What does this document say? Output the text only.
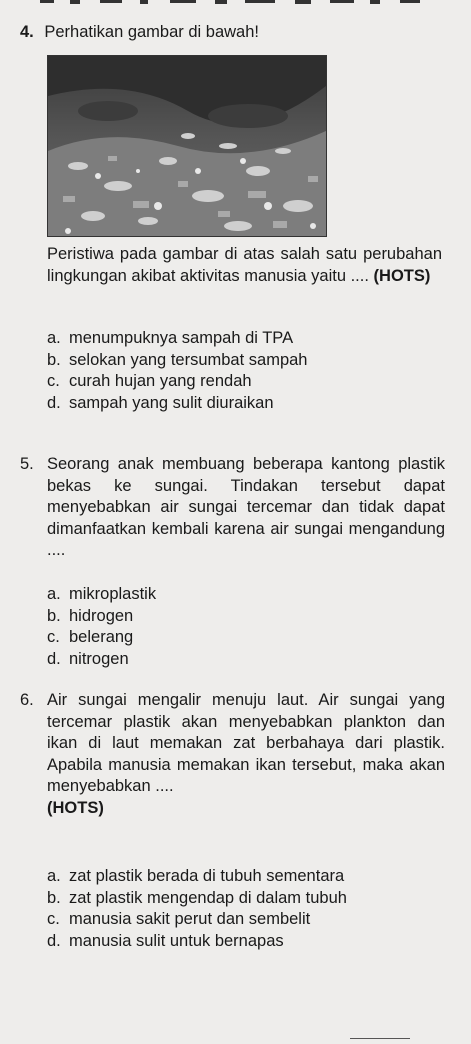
4. Perhatikan gambar di bawah!
Peristiwa pada gambar di atas salah satu perubahan lingkungan akibat aktivitas manusia yaitu .... (HOTS)
a. menumpuknya sampah di TPA
b. selokan yang tersumbat sampah
c. curah hujan yang rendah
d. sampah yang sulit diuraikan
5. Seorang anak membuang beberapa kantong plastik bekas ke sungai. Tindakan tersebut dapat menyebabkan air sungai tercemar dan tidak dapat dimanfaatkan kembali karena air sungai mengandung ....
a. mikroplastik
b. hidrogen
c. belerang
d. nitrogen
6. Air sungai mengalir menuju laut. Air sungai yang tercemar plastik akan menyebabkan plankton dan ikan di laut memakan zat berbahaya dari plastik. Apabila manusia memakan ikan tersebut, maka akan menyebabkan ....
(HOTS)
a. zat plastik berada di tubuh sementara
b. zat plastik mengendap di dalam tubuh
c. manusia sakit perut dan sembelit
d. manusia sulit untuk bernapas
